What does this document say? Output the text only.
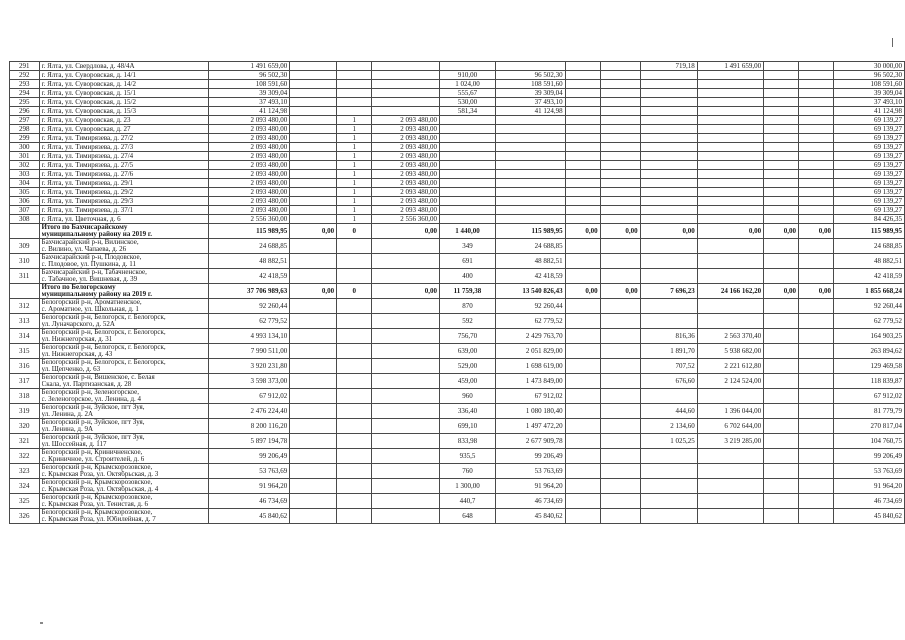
291	г. Ялта, ул. Свердлова, д. 48/4А	1 491 659,00								719,18	1 491 659,00			30 000,00
292	г. Ялта, ул. Суворовская, д. 14/1	96 502,30				910,00	96 502,30							96 502,30
293	г. Ялта, ул. Суворовская, д. 14/2	108 591,60				1 024,00	108 591,60							108 591,60
294	г. Ялта, ул. Суворовская, д. 15/1	39 309,04				555,67	39 309,04							39 309,04
295	г. Ялта, ул. Суворовская, д. 15/2	37 493,10				530,00	37 493,10							37 493,10
296	г. Ялта, ул. Суворовская, д. 15/3	41 124,98				581,34	41 124,98							41 124,98
297	г. Ялта, ул. Суворовская, д. 23	2 093 480,00		1	2 093 480,00									69 139,27
298	г. Ялта, ул. Суворовская, д. 27	2 093 480,00		1	2 093 480,00									69 139,27
299	г. Ялта, ул. Тимирязева, д. 27/2	2 093 480,00		1	2 093 480,00									69 139,27
300	г. Ялта, ул. Тимирязева, д. 27/3	2 093 480,00		1	2 093 480,00									69 139,27
301	г. Ялта, ул. Тимирязева, д. 27/4	2 093 480,00		1	2 093 480,00									69 139,27
302	г. Ялта, ул. Тимирязева, д. 27/5	2 093 480,00		1	2 093 480,00									69 139,27
303	г. Ялта, ул. Тимирязева, д. 27/6	2 093 480,00		1	2 093 480,00									69 139,27
304	г. Ялта, ул. Тимирязева, д. 29/1	2 093 480,00		1	2 093 480,00									69 139,27
305	г. Ялта, ул. Тимирязева, д. 29/2	2 093 480,00		1	2 093 480,00									69 139,27
306	г. Ялта, ул. Тимирязева, д. 29/3	2 093 480,00		1	2 093 480,00									69 139,27
307	г. Ялта, ул. Тимирязева, д. 37/1	2 093 480,00		1	2 093 480,00									69 139,27
308	г. Ялта, ул. Цветочная, д. 6	2 556 360,00		1	2 556 360,00									84 426,35

	Итого по Бахчисарайскому
муниципальному району на 2019 г.	115 989,95	0,00	0	0,00	1 440,00	115 989,95	0,00	0,00	0,00	0,00	0,00	0,00	115 989,95
309	Бахчисарайский р-н, Вилинское,
с. Вилино, ул. Чапаева, д. 26	24 688,85				349	24 688,85							24 688,85
310	Бахчисарайский р-н, Плодовское,
с. Плодовое, ул. Пушкина, д. 11	48 882,51				691	48 882,51							48 882,51
311	Бахчисарайский р-н, Табачненское,
с. Табачное, ул. Вишневая, д. 39	42 418,59				400	42 418,59							42 418,59

	Итого по Белогорскому
муниципальному району на 2019 г.	37 706 989,63	0,00	0	0,00	11 759,38	13 540 826,43	0,00	0,00	7 696,23	24 166 162,20	0,00	0,00	1 855 668,24
312	Белогорский р-н, Ароматненское,
с. Ароматное, ул. Школьная, д. 1	92 260,44				870	92 260,44							92 260,44
313	Белогорский р-н, Белогорск, г. Белогорск,
ул. Луначарского, д. 52А	62 779,52				592	62 779,52							62 779,52
314	Белогорский р-н, Белогорск, г. Белогорск,
ул. Нижнегорская, д. 31	4 993 134,10				756,70	2 429 763,70			816,36	2 563 370,40			164 903,25
315	Белогорский р-н, Белогорск, г. Белогорск,
ул. Нижнегорская, д. 43	7 990 511,00				639,00	2 051 829,00			1 891,70	5 938 682,00			263 894,62
316	Белогорский р-н, Белогорск, г. Белогорск,
ул. Щепченко, д. 63	3 920 231,80				529,00	1 698 619,00			707,52	2 221 612,80			129 469,58
317	Белогорский р-н, Вишенское, с. Белая
Скала, ул. Партизанская, д. 28	3 598 373,00				459,00	1 473 849,00			676,60	2 124 524,00			118 839,87
318	Белогорский р-н, Зеленогорское,
с. Зеленогорское, ул. Ленина, д. 4	67 912,02				960	67 912,02							67 912,02
319	Белогорский р-н, Зуйское, пгт Зуя,
ул. Ленина, д. 2А	2 476 224,40				336,40	1 080 180,40			444,60	1 396 044,00			81 779,79
320	Белогорский р-н, Зуйское, пгт Зуя,
ул. Ленина, д. 9А	8 200 116,20				699,10	1 497 472,20			2 134,60	6 702 644,00			270 817,04
321	Белогорский р-н, Зуйское, пгт Зуя,
ул. Шоссейная, д. 117	5 897 194,78				833,98	2 677 909,78			1 025,25	3 219 285,00			104 760,75
322	Белогорский р-н, Криничненское,
с. Криничное, ул. Строителей, д. 6	99 206,49				935,5	99 206,49							99 206,49
323	Белогорский р-н, Крымскорозовское,
с. Крымская Роза, ул. Октябрьская, д. 3	53 763,69				760	53 763,69							53 763,69
324	Белогорский р-н, Крымскорозовское,
с. Крымская Роза, ул. Октябрьская, д. 4	91 964,20				1 300,00	91 964,20							91 964,20
325	Белогорский р-н, Крымскорозовское,
с. Крымская Роза, ул. Тенистая, д. 6	46 734,69				440,7	46 734,69							46 734,69
326	Белогорский р-н, Крымскорозовское,
с. Крымская Роза, ул. Юбилейная, д. 7	45 840,62				648	45 840,62							45 840,62
